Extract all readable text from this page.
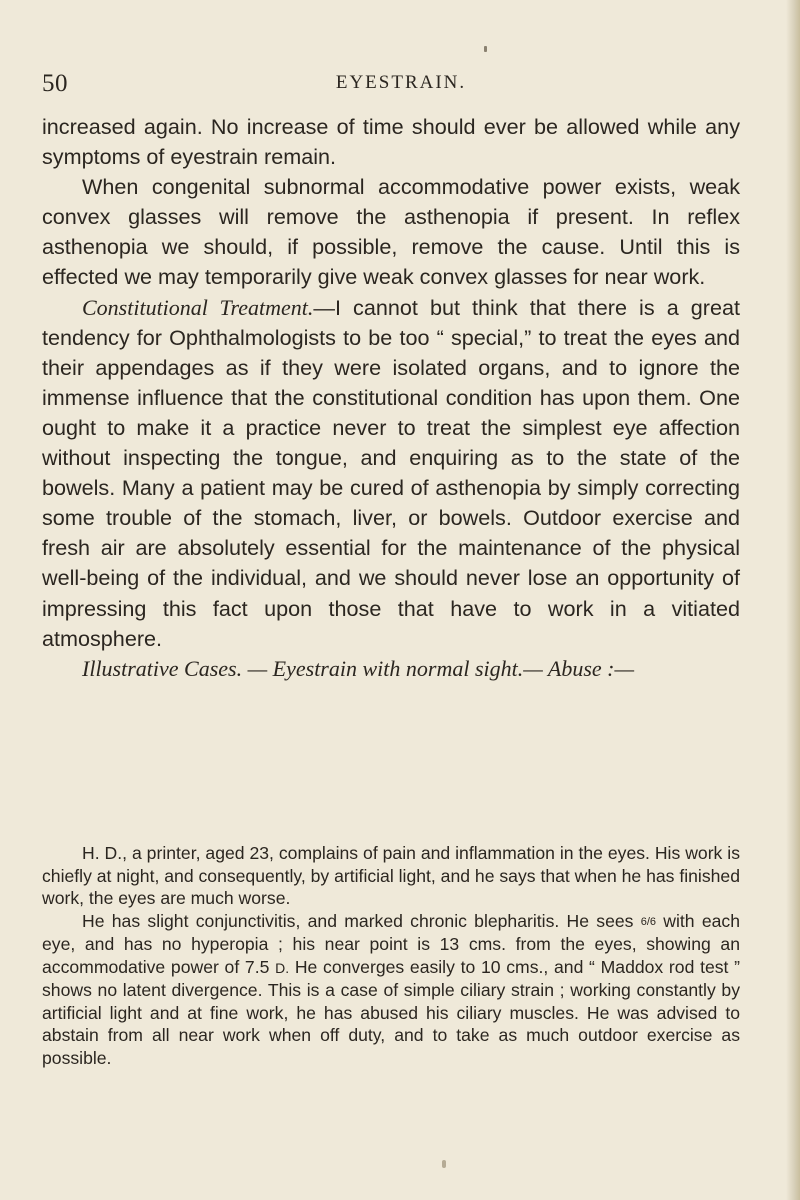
50	EYESTRAIN.

increased again. No increase of time should ever be allowed while any symptoms of eyestrain remain.

When congenital subnormal accommodative power exists, weak convex glasses will remove the asthenopia if present. In reflex asthenopia we should, if possible, remove the cause. Until this is effected we may temporarily give weak convex glasses for near work.

Constitutional Treatment.—I cannot but think that there is a great tendency for Ophthalmologists to be too “ special,” to treat the eyes and their appendages as if they were isolated organs, and to ignore the immense influence that the constitutional condition has upon them. One ought to make it a practice never to treat the simplest eye affection without inspecting the tongue, and enquiring as to the state of the bowels. Many a patient may be cured of asthenopia by simply correcting some trouble of the stomach, liver, or bowels. Outdoor exercise and fresh air are absolutely essential for the maintenance of the physical well-being of the individual, and we should never lose an opportunity of impressing this fact upon those that have to work in a vitiated atmosphere.

Illustrative Cases. — Eyestrain with normal sight.— Abuse :—

H. D., a printer, aged 23, complains of pain and inflammation in the eyes. His work is chiefly at night, and consequently, by artificial light, and he says that when he has finished work, the eyes are much worse.

He has slight conjunctivitis, and marked chronic blepharitis. He sees 6/6 with each eye, and has no hyperopia ; his near point is 13 cms. from the eyes, showing an accommodative power of 7.5 D. He converges easily to 10 cms., and “ Maddox rod test ” shows no latent divergence. This is a case of simple ciliary strain ; working constantly by artificial light and at fine work, he has abused his ciliary muscles. He was advised to abstain from all near work when off duty, and to take as much outdoor exercise as possible.
